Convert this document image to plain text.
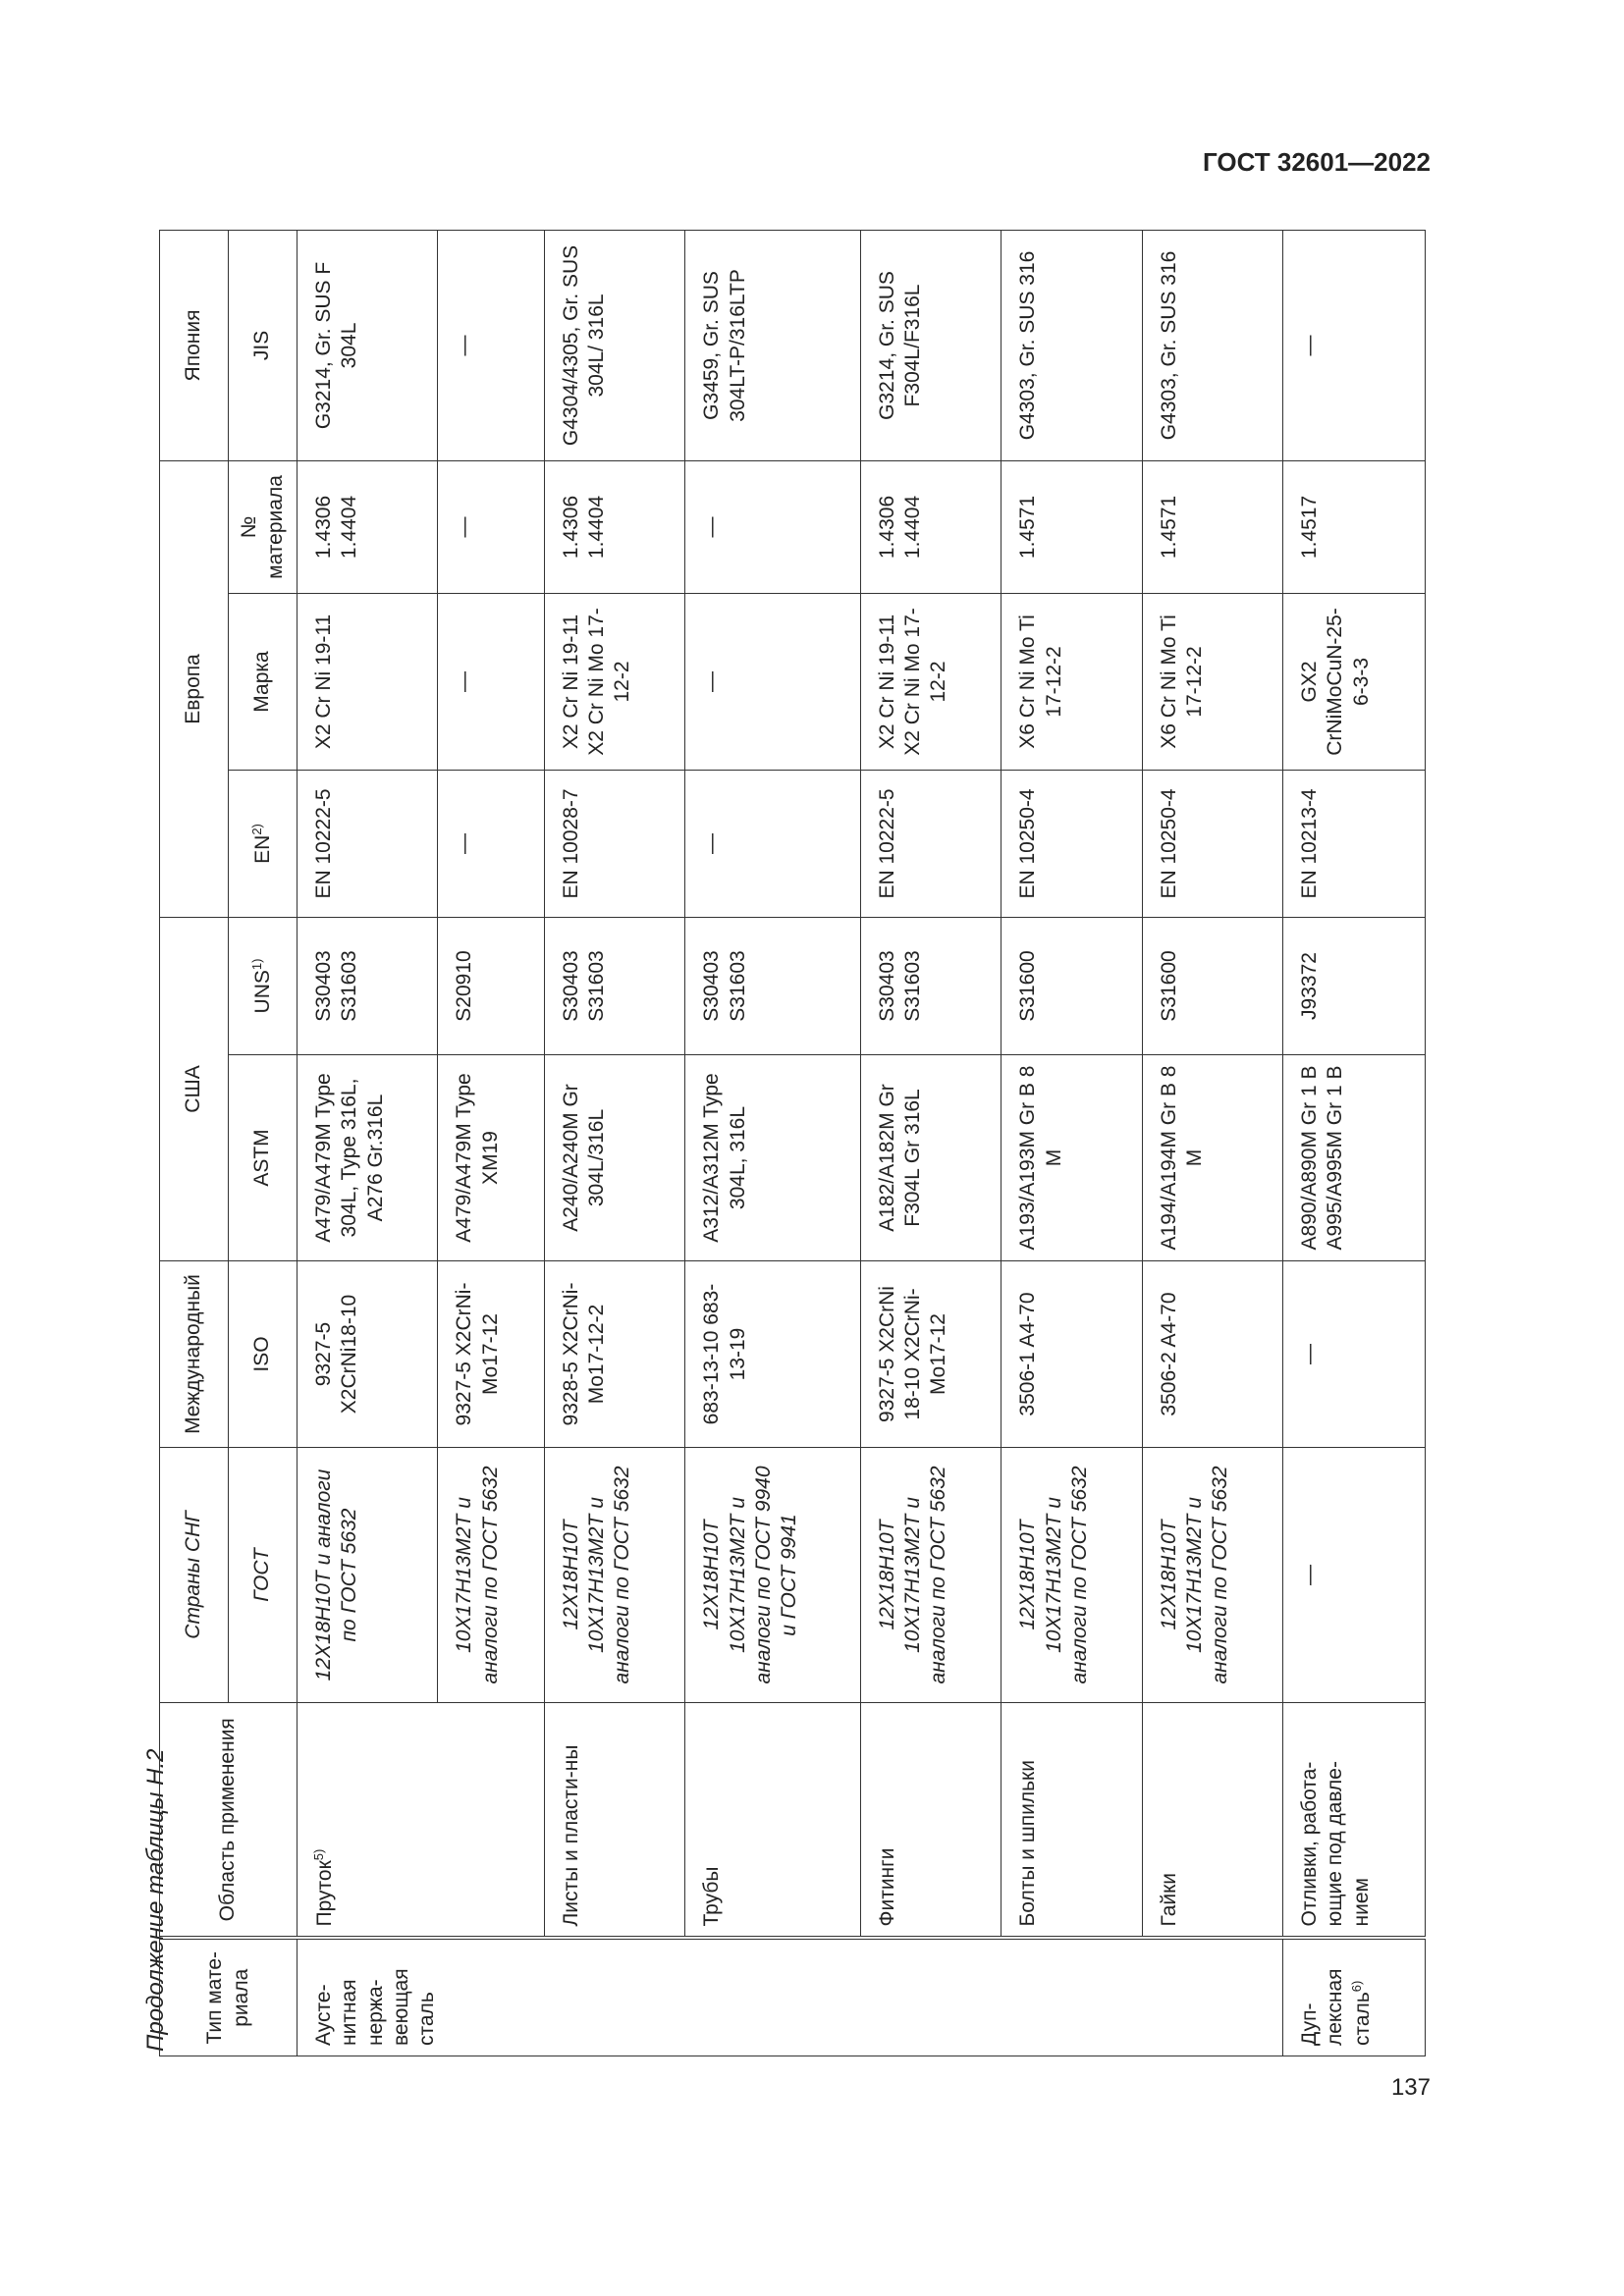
ГОСТ 32601—2022
Продолжение таблицы Н.2 Тип мате-риала	Область применения	Страны СНГ	Международный	США		Европа			Япония
		ГОСТ	ISO	ASTM	UNS$^{1)}$	EN$^{2)}$	Марка	№ материала	JIS
Аусте-нитная нержа-веющая сталь	Пруток$^{5)}$	12Х18Н10Т и аналоги по ГОСТ 5632	9327-5 X2CrNi18-10	A479/A479M Type 304L, Type 316L, A276 Gr.316L	S30403 S31603	EN 10222-5	X2 Cr Ni 19-11	1.4306 1.4404	G3214, Gr. SUS F 304L
		10Х17Н13М2Т и аналоги по ГОСТ 5632	9327-5 X2CrNi-Mo17-12	A479/A479M Type XM19	S20910	—	—	—	—
	Листы и пласти-ны	12Х18Н10Т 10Х17Н13М2Т и аналоги по ГОСТ 5632	9328-5 X2CrNi-Mo17-12-2	A240/A240M Gr 304L/316L	S30403 S31603	EN 10028-7	X2 Cr Ni 19-11 X2 Cr Ni Mo 17-12-2	1.4306 1.4404	G4304/4305, Gr. SUS 304L/ 316L
	Трубы	12Х18Н10Т 10Х17Н13М2Т и аналоги по ГОСТ 9940 и ГОСТ 9941	683-13-10 683-13-19	A312/A312M Type 304L, 316L	S30403 S31603	—	—	—	G3459, Gr. SUS 304LT-P/316LTP
	Фитинги	12Х18Н10Т 10Х17Н13М2Т и аналоги по ГОСТ 5632	9327-5 X2CrNi 18-10 X2CrNi-Mo17-12	A182/A182M Gr F304L Gr 316L	S30403 S31603	EN 10222-5	X2 Cr Ni 19-11 X2 Cr Ni Mo 17-12-2	1.4306 1.4404	G3214, Gr. SUS F304L/F316L
	Болты и шпильки	12Х18Н10Т 10Х17Н13М2Т и аналоги по ГОСТ 5632	3506-1 A4-70	A193/A193M Gr B 8 M	S31600	EN 10250-4	X6 Cr Ni Mo Ti 17-12-2	1.4571	G4303, Gr. SUS 316
	Гайки	12Х18Н10Т 10Х17Н13М2Т и аналоги по ГОСТ 5632	3506-2 A4-70	A194/A194M Gr B 8 M	S31600	EN 10250-4	X6 Cr Ni Mo Ti 17-12-2	1.4571	G4303, Gr. SUS 316
Дуп-лексная сталь$^{6)}$	Отливки, работа-ющие под давле-нием	—	—	A890/A890M Gr 1 B A995/A995M Gr 1 B	J93372	EN 10213-4	GX2 CrNiMoCuN-25-6-3-3	1.4517	—
137
